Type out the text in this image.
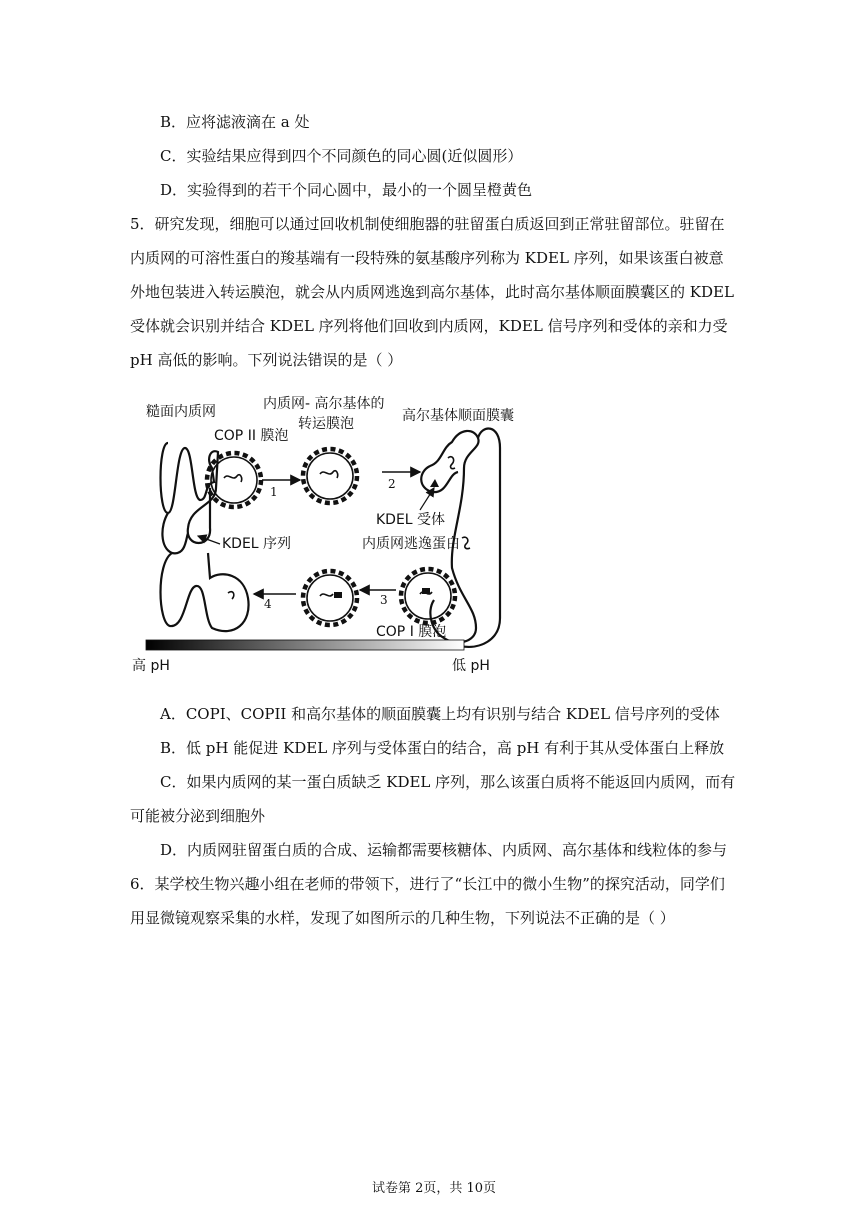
B．应将滤液滴在 a 处
C．实验结果应得到四个不同颜色的同心圆(近似圆形）
D．实验得到的若干个同心圆中，最小的一个圆呈橙黄色
5．研究发现，细胞可以通过回收机制使细胞器的驻留蛋白质返回到正常驻留部位。驻留在
内质网的可溶性蛋白的羧基端有一段特殊的氨基酸序列称为 KDEL 序列，如果该蛋白被意
外地包装进入转运膜泡，就会从内质网逃逸到高尔基体，此时高尔基体顺面膜囊区的 KDEL
受体就会识别并结合 KDEL 序列将他们回收到内质网，KDEL 信号序列和受体的亲和力受
pH 高低的影响。下列说法错误的是（ ）
糙面内质网	内质网- 高尔基体的
转运膜泡	高尔基体顺面膜囊
COP II 膜泡
KDEL 序列
1
2
KDEL 受体
内质网逃逸蛋白
3
4
COP I 膜泡
高 pH	低 pH
A．COPI、COPII 和高尔基体的顺面膜囊上均有识别与结合 KDEL 信号序列的受体
B．低 pH 能促进 KDEL 序列与受体蛋白的结合，高 pH 有利于其从受体蛋白上释放
C．如果内质网的某一蛋白质缺乏 KDEL 序列，那么该蛋白质将不能返回内质网，而有
可能被分泌到细胞外
D．内质网驻留蛋白质的合成、运输都需要核糖体、内质网、高尔基体和线粒体的参与
6．某学校生物兴趣小组在老师的带领下，进行了“长江中的微小生物”的探究活动，同学们
用显微镜观察采集的水样，发现了如图所示的几种生物，下列说法不正确的是（ ）
试卷第 2页，共 10页
